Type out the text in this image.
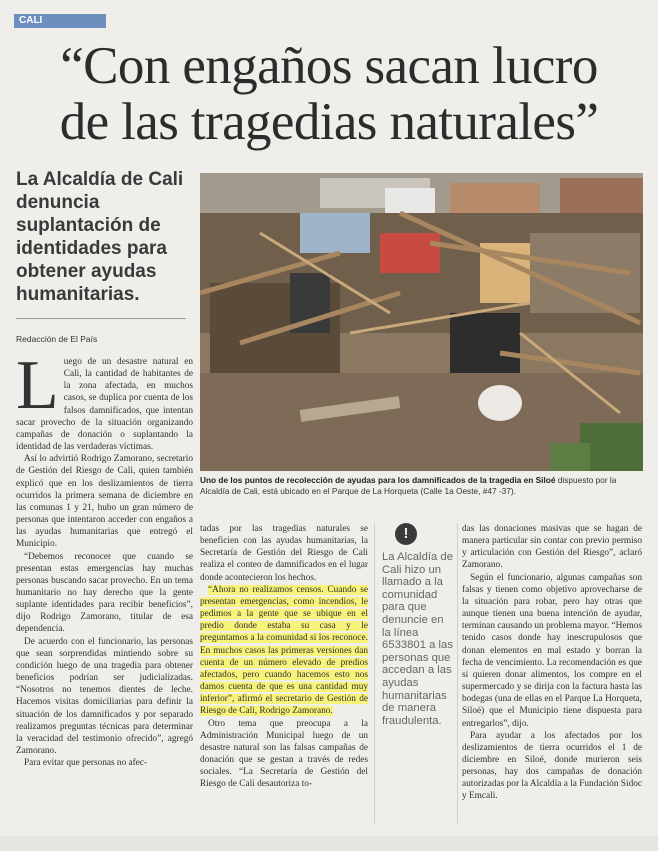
CALI
“Con engaños sacan lucro
de las tragedias naturales”
La Alcaldía de Cali denuncia suplantación de identidades para obtener ayudas humanitarias.
Redacción de El País
Uno de los puntos de recolección de ayudas para los damnificados de la tragedia en Siloé dispuesto por la Alcaldía de Cali, está ubicado en el Parque de La Horqueta (Calle 1a Oeste, #47 -37).

Luego de un desastre natural en Cali, la cantidad de habitantes de la zona afectada, en muchos casos, se duplica por cuenta de los falsos damnificados, que intentan sacar provecho de la situación organizando campañas de donación o suplantando la identidad de las verdaderas víctimas.

Así lo advirtió Rodrigo Zamorano, secretario de Gestión del Riesgo de Cali, quien también explicó que en los deslizamientos de tierra ocurridos la primera semana de diciembre en las comunas 1 y 21, hubo un gran número de personas que intentaron acceder con engaños a las ayudas humanitarias que entregó el Municipio.

“Debemos reconocer que cuando se presentan estas emergencias hay muchas personas buscando sacar provecho. En un tema humanitario no hay derecho que la gente suplante identidades para recibir beneficios”, dijo Rodrigo Zamorano, titular de esa dependencia.

De acuerdo con el funcionario, las personas que sean sorprendidas mintiendo sobre su condición luego de una tragedia para obtener beneficios podrían ser judicializadas. “Nosotros no tenemos dientes de leche. Hacemos visitas domiciliarias para definir la situación de los damnificados y por separado realizamos preguntas técnicas para determinar la veracidad del testimonio ofrecido”, agregó Zamorano.

Para evitar que personas no afec-

tadas por las tragedias naturales se beneficien con las ayudas humanitarias, la Secretaría de Gestión del Riesgo de Cali realiza el conteo de damnificados en el lugar donde acontecieron los hechos.

“Ahora no realizamos censos. Cuando se presentan emergencias, como incendios, le pedimos a la gente que se ubique en el predio donde estaba su casa y le preguntamos a la comunidad si los reconoce. En muchos casos las primeras versiones dan cuenta de un número elevado de predios afectados, pero cuando hacemos esto nos damos cuenta de que es una cantidad muy inferior”, afirmó el secretario de Gestión de Riesgo de Cali, Rodrigo Zamorano.

Otro tema que preocupa a la Administración Municipal luego de un desastre natural son las falsas campañas de donación que se gestan a través de redes sociales. “La Secretaría de Gestión del Riesgo de Cali desautoriza to-

!
La Alcaldía de Cali hizo un llamado a la comunidad para que denuncie en la línea 6533801 a las personas que accedan a las ayudas humanitarias de manera fraudulenta.

das las donaciones masivas que se hagan de manera particular sin contar con previo permiso y articulación con Gestión del Riesgo”, aclaró Zamorano.

Según el funcionario, algunas campañas son falsas y tienen como objetivo aprovecharse de la situación para robar, pero hay otras que aunque tienen una buena intención de ayudar, terminan causando un problema mayor. “Hemos tenido casos donde hay inescrupulosos que donan elementos en mal estado y borran la fecha de vencimiento. La recomendación es que si quieren donar alimentos, los compre en el supermercado y se dirija con la factura hasta las bodegas (una de ellas en el Parque La Horqueta, Siloé) que el Municipio tiene dispuesta para entregarlos”, dijo.

Para ayudar a los afectados por los deslizamientos de tierra ocurridos el 1 de diciembre en Siloé, donde murieron seis personas, hay dos campañas de donación autorizadas por la Alcaldía a la Fundación Sidoc y Emcali.
